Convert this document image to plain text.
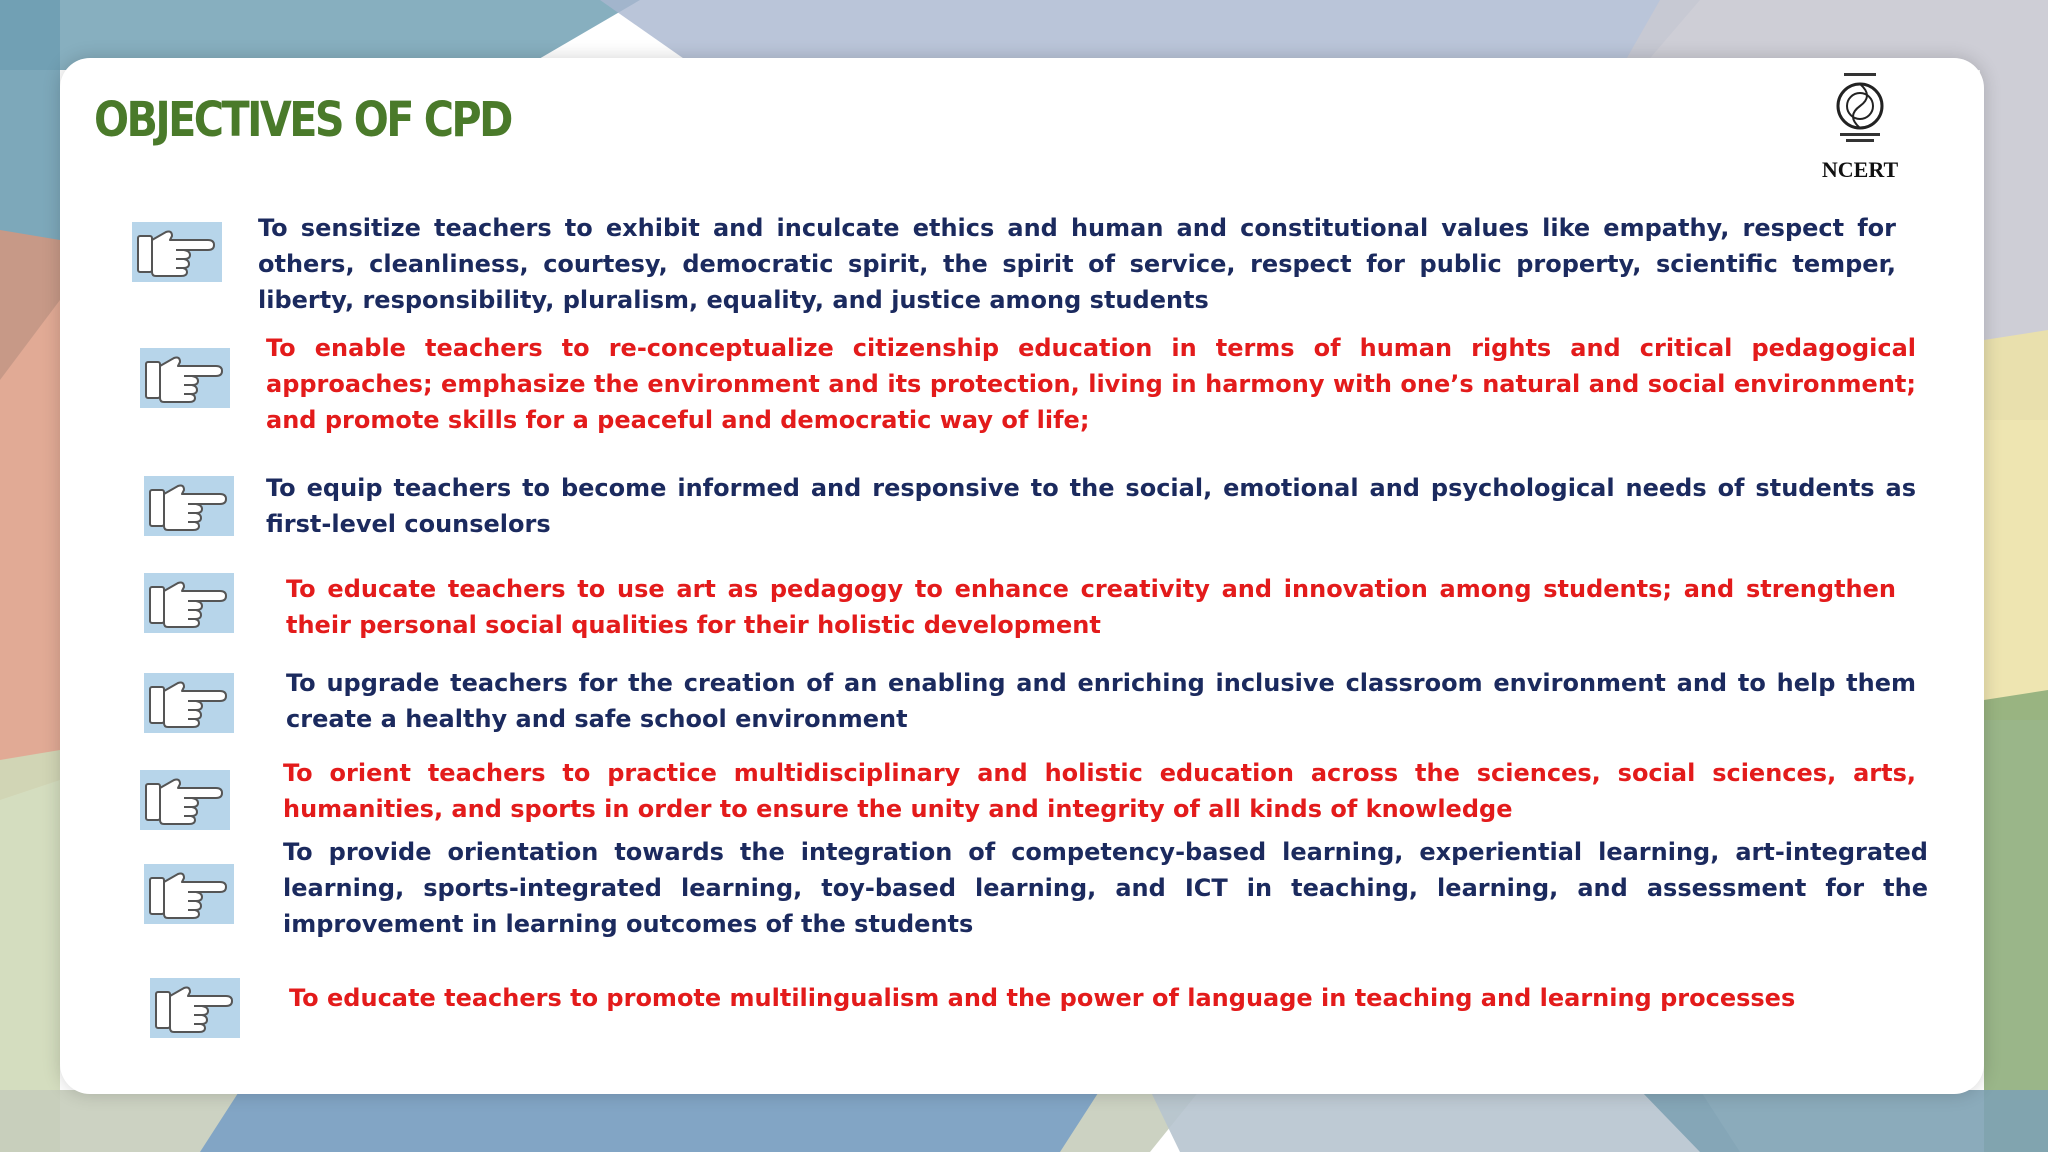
OBJECTIVES OF CPD
NCERT

To sensitize teachers to exhibit and inculcate ethics and human and constitutional values like empathy, respect for others, cleanliness, courtesy, democratic spirit, the spirit of service, respect for public property, scientific temper, liberty, responsibility, pluralism, equality, and justice among students

To enable teachers to re-conceptualize citizenship education in terms of human rights and critical pedagogical approaches; emphasize the environment and its protection, living in harmony with one’s natural and social environment; and promote skills for a peaceful and democratic way of life;

To equip teachers to become informed and responsive to the social, emotional and psychological needs of students as first-level counselors

To educate teachers to use art as pedagogy to enhance creativity and innovation among students; and strengthen their personal social qualities for their holistic development

To upgrade teachers for the creation of an enabling and enriching inclusive classroom environment and to help them create a healthy and safe school environment

To orient teachers to practice multidisciplinary and holistic education across the sciences, social sciences, arts, humanities, and sports in order to ensure the unity and integrity of all kinds of knowledge

To provide orientation towards the integration of competency-based learning, experiential learning, art-integrated learning, sports-integrated learning, toy-based learning, and ICT in teaching, learning, and assessment for the improvement in learning outcomes of the students

To educate teachers to promote multilingualism and the power of language in teaching and learning processes
